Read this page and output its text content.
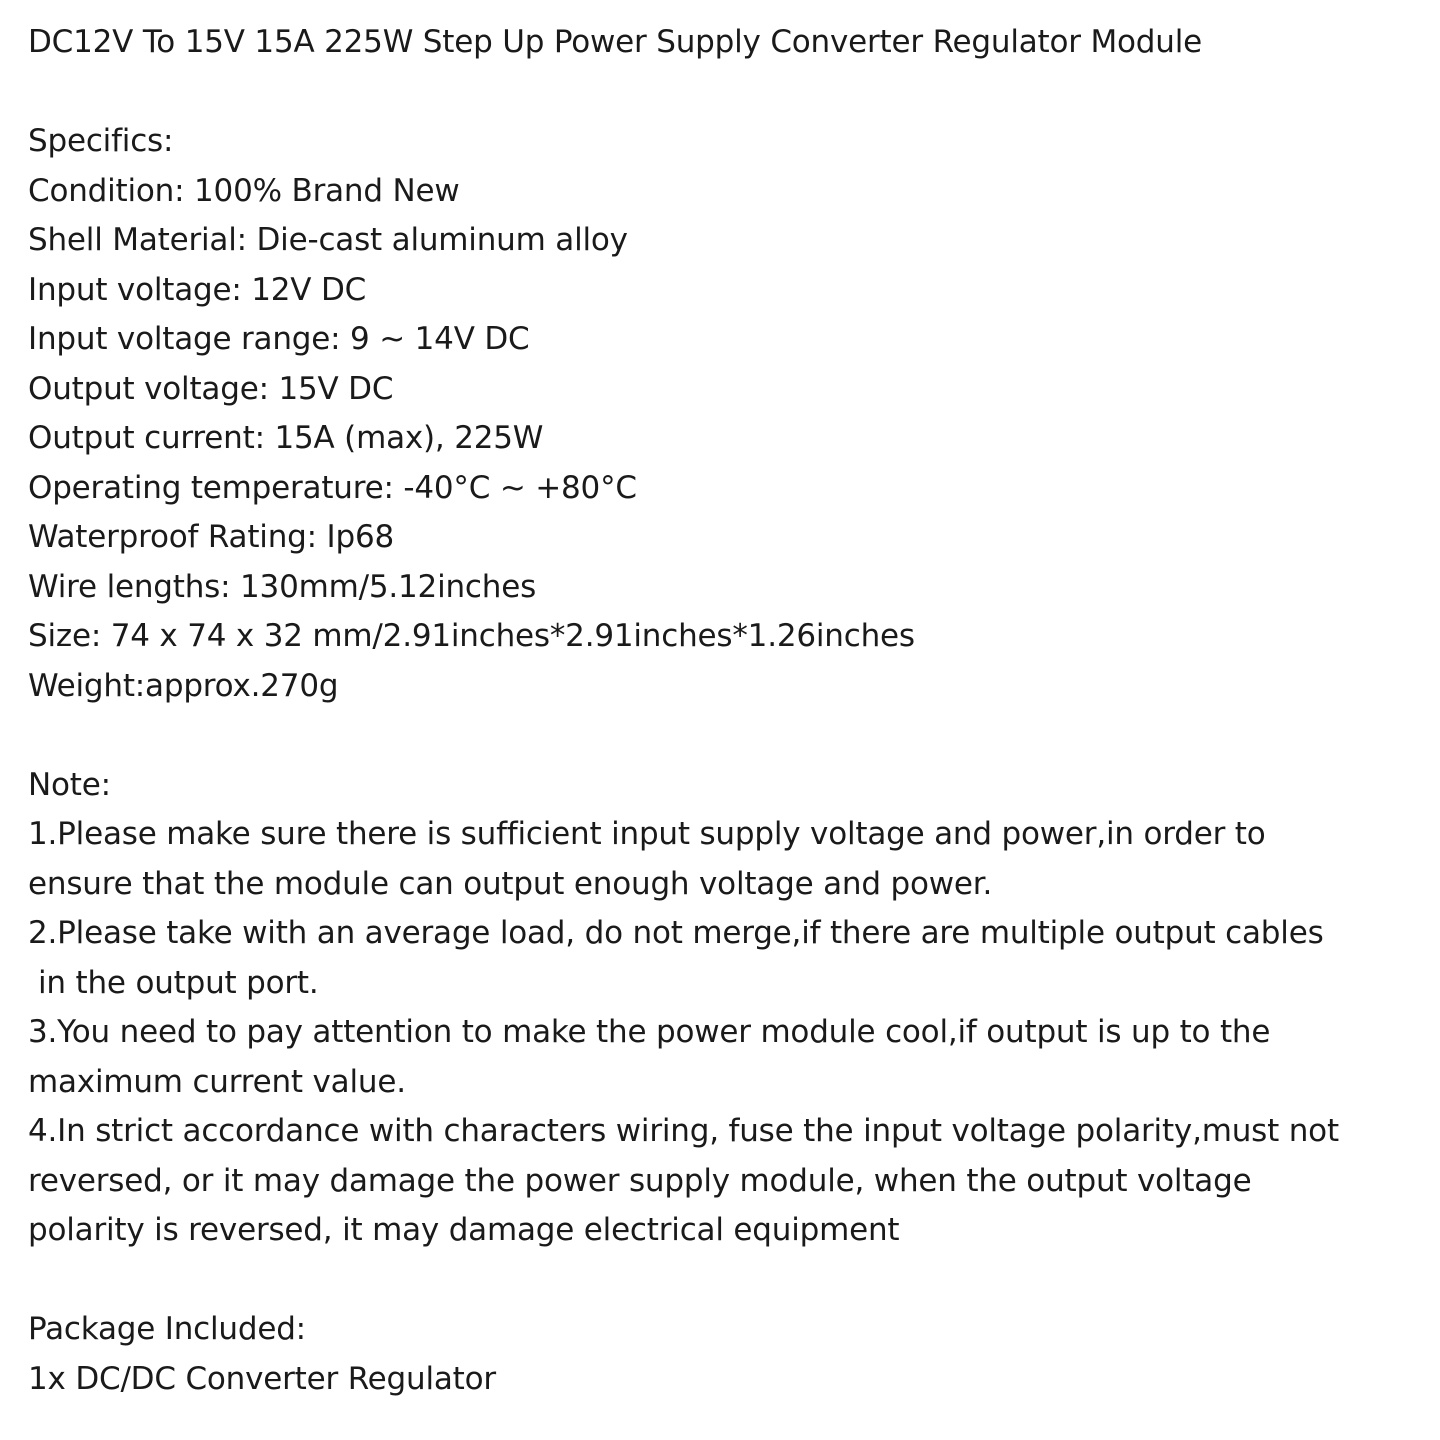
DC12V To 15V 15A 225W Step Up Power Supply Converter Regulator Module

Specifics:

Condition: 100% Brand New

Shell Material: Die-cast aluminum alloy

Input voltage: 12V DC

Input voltage range: 9 ~ 14V DC

Output voltage: 15V DC

Output current: 15A (max), 225W

Operating temperature: -40°C ~ +80°C

Waterproof Rating: Ip68

Wire lengths: 130mm/5.12inches

Size: 74 x 74 x 32 mm/2.91inches*2.91inches*1.26inches

Weight:approx.270g

Note:

1.Please make sure there is sufficient input supply voltage and power,in order to

ensure that the module can output enough voltage and power.

2.Please take with an average load, do not merge,if there are multiple output cables

in the output port.

3.You need to pay attention to make the power module cool,if output is up to the

maximum current value.

4.In strict accordance with characters wiring, fuse the input voltage polarity,must not

reversed, or it may damage the power supply module, when the output voltage

polarity is reversed, it may damage electrical equipment

Package Included:

1x DC/DC Converter Regulator
